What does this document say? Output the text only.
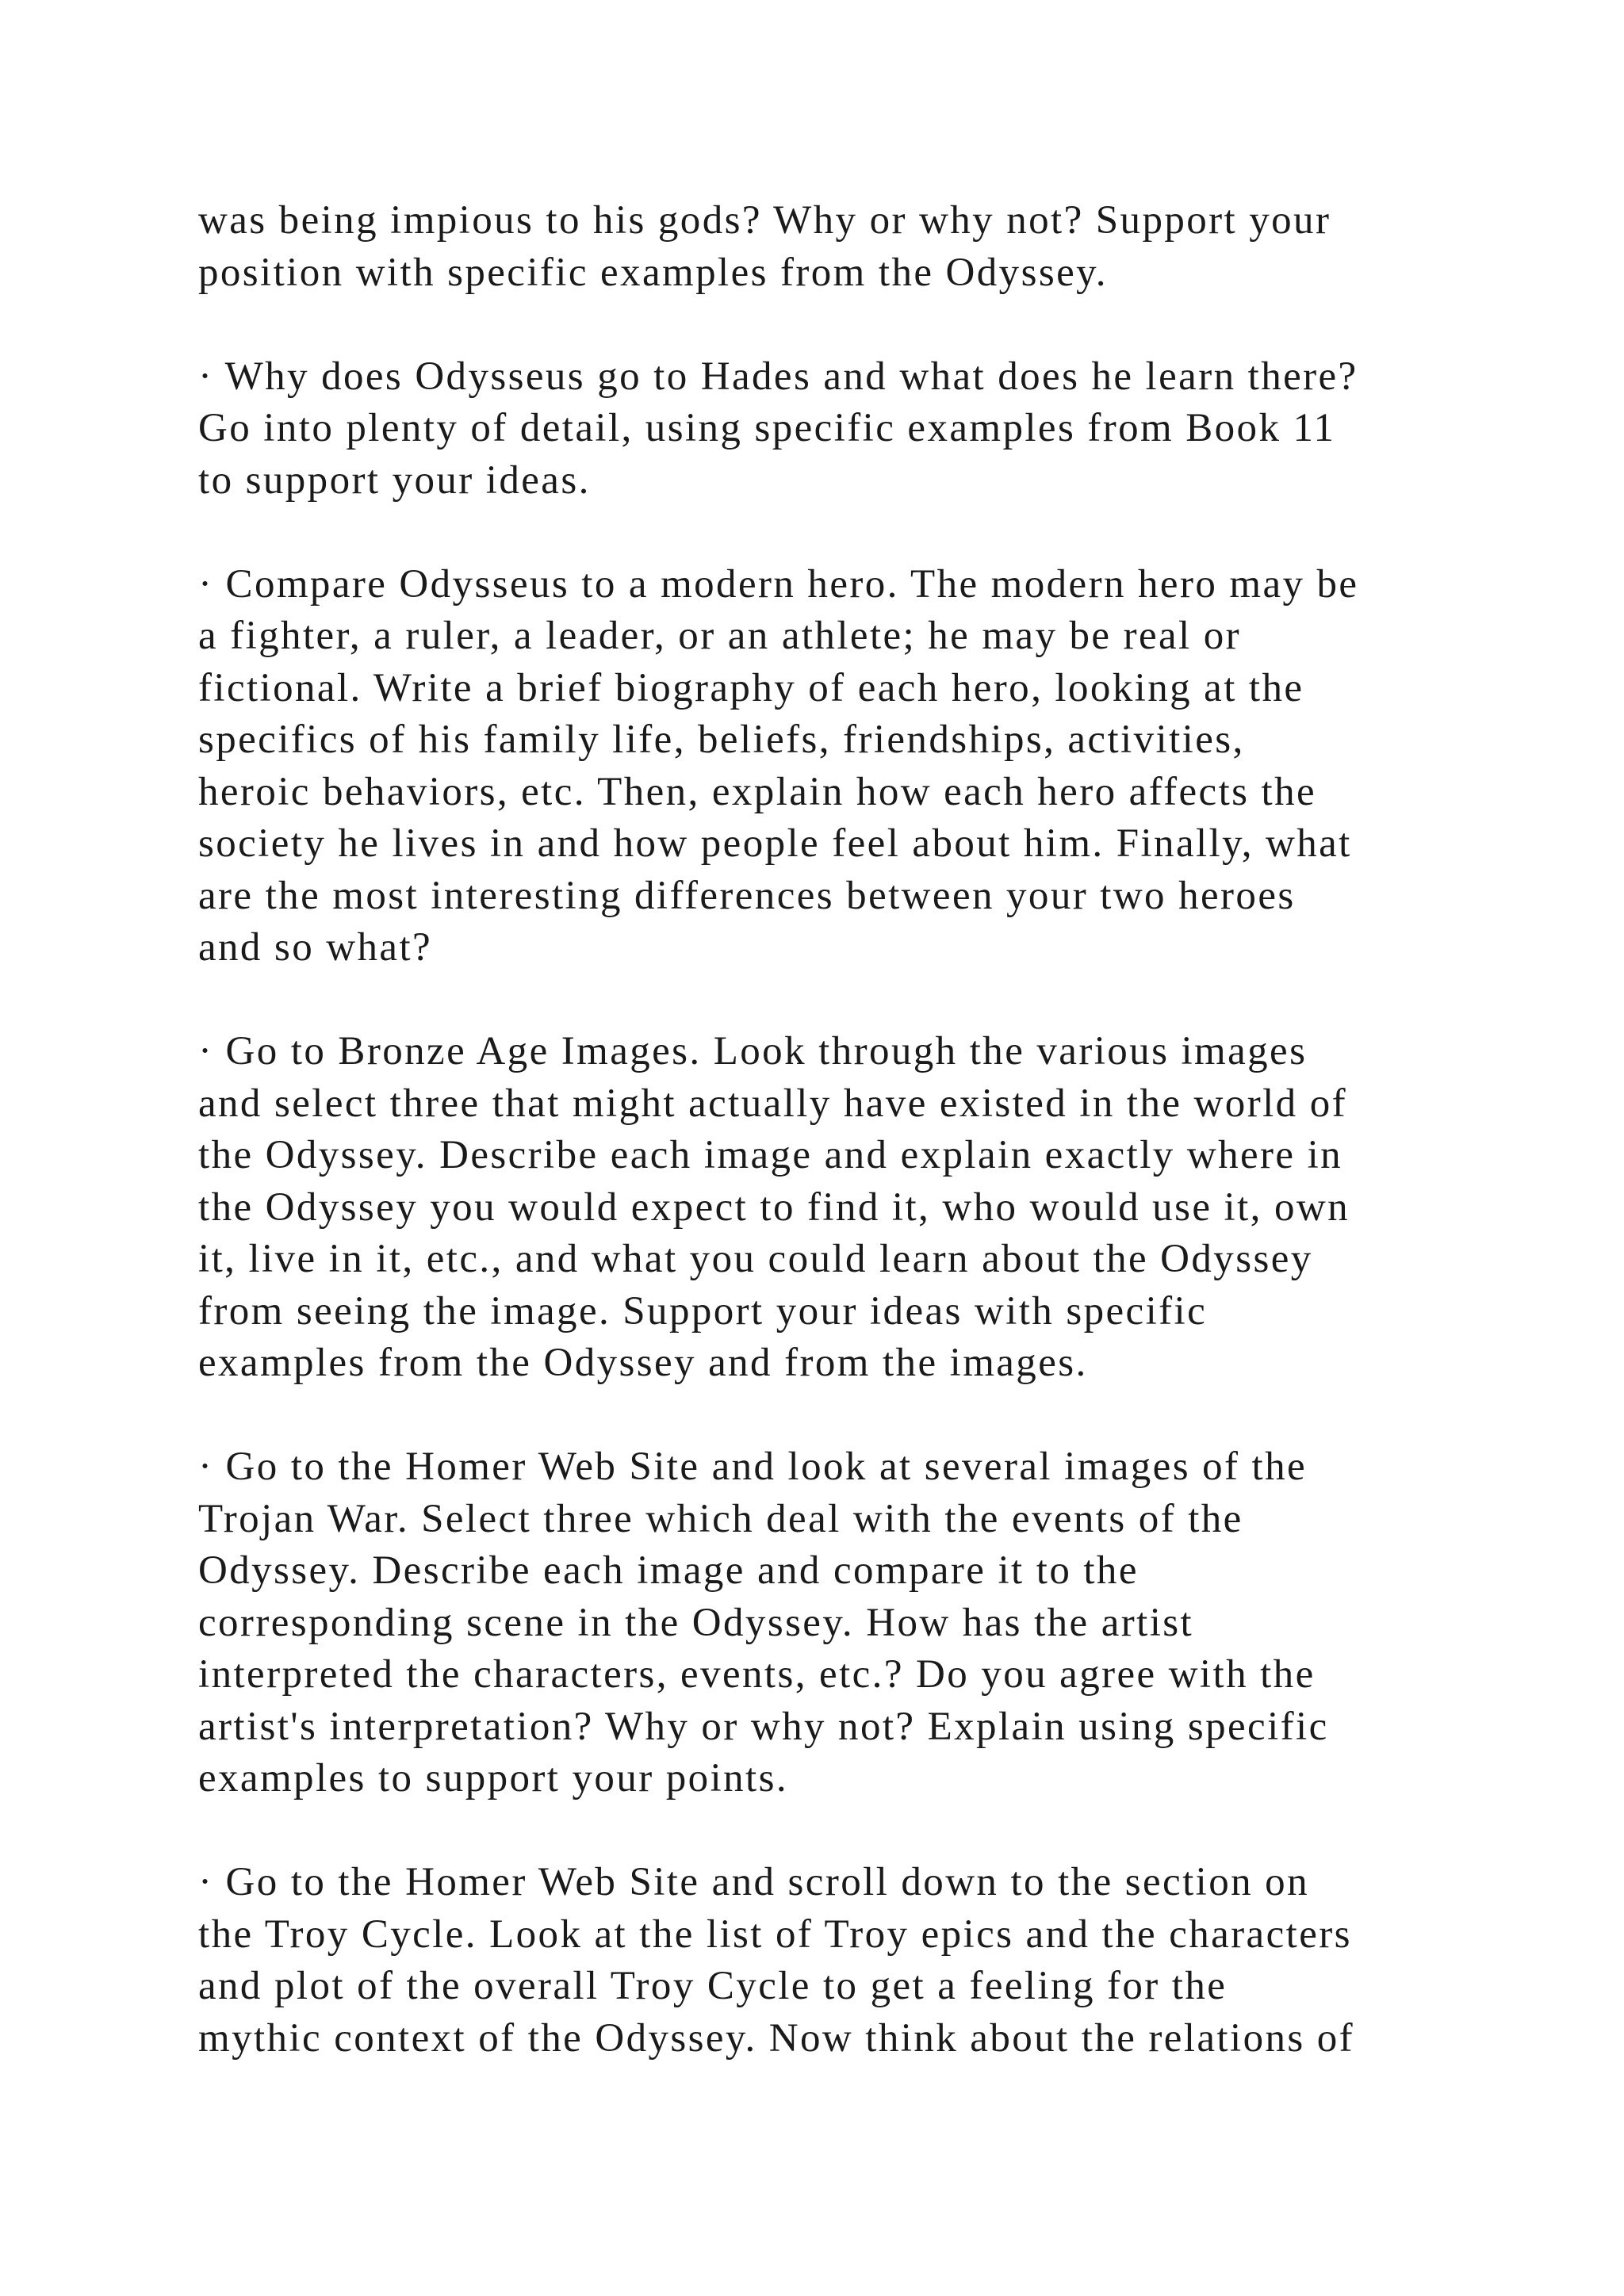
was being impious to his gods? Why or why not? Support your
position with specific examples from the Odyssey.

· Why does Odysseus go to Hades and what does he learn there?
Go into plenty of detail, using specific examples from Book 11
to support your ideas.

· Compare Odysseus to a modern hero. The modern hero may be
a fighter, a ruler, a leader, or an athlete; he may be real or
fictional. Write a brief biography of each hero, looking at the
specifics of his family life, beliefs, friendships, activities,
heroic behaviors, etc. Then, explain how each hero affects the
society he lives in and how people feel about him. Finally, what
are the most interesting differences between your two heroes
and so what?

· Go to Bronze Age Images. Look through the various images
and select three that might actually have existed in the world of
the Odyssey. Describe each image and explain exactly where in
the Odyssey you would expect to find it, who would use it, own
it, live in it, etc., and what you could learn about the Odyssey
from seeing the image. Support your ideas with specific
examples from the Odyssey and from the images.

· Go to the Homer Web Site and look at several images of the
Trojan War. Select three which deal with the events of the
Odyssey. Describe each image and compare it to the
corresponding scene in the Odyssey. How has the artist
interpreted the characters, events, etc.? Do you agree with the
artist's interpretation? Why or why not? Explain using specific
examples to support your points.

· Go to the Homer Web Site and scroll down to the section on
the Troy Cycle. Look at the list of Troy epics and the characters
and plot of the overall Troy Cycle to get a feeling for the
mythic context of the Odyssey. Now think about the relations of
